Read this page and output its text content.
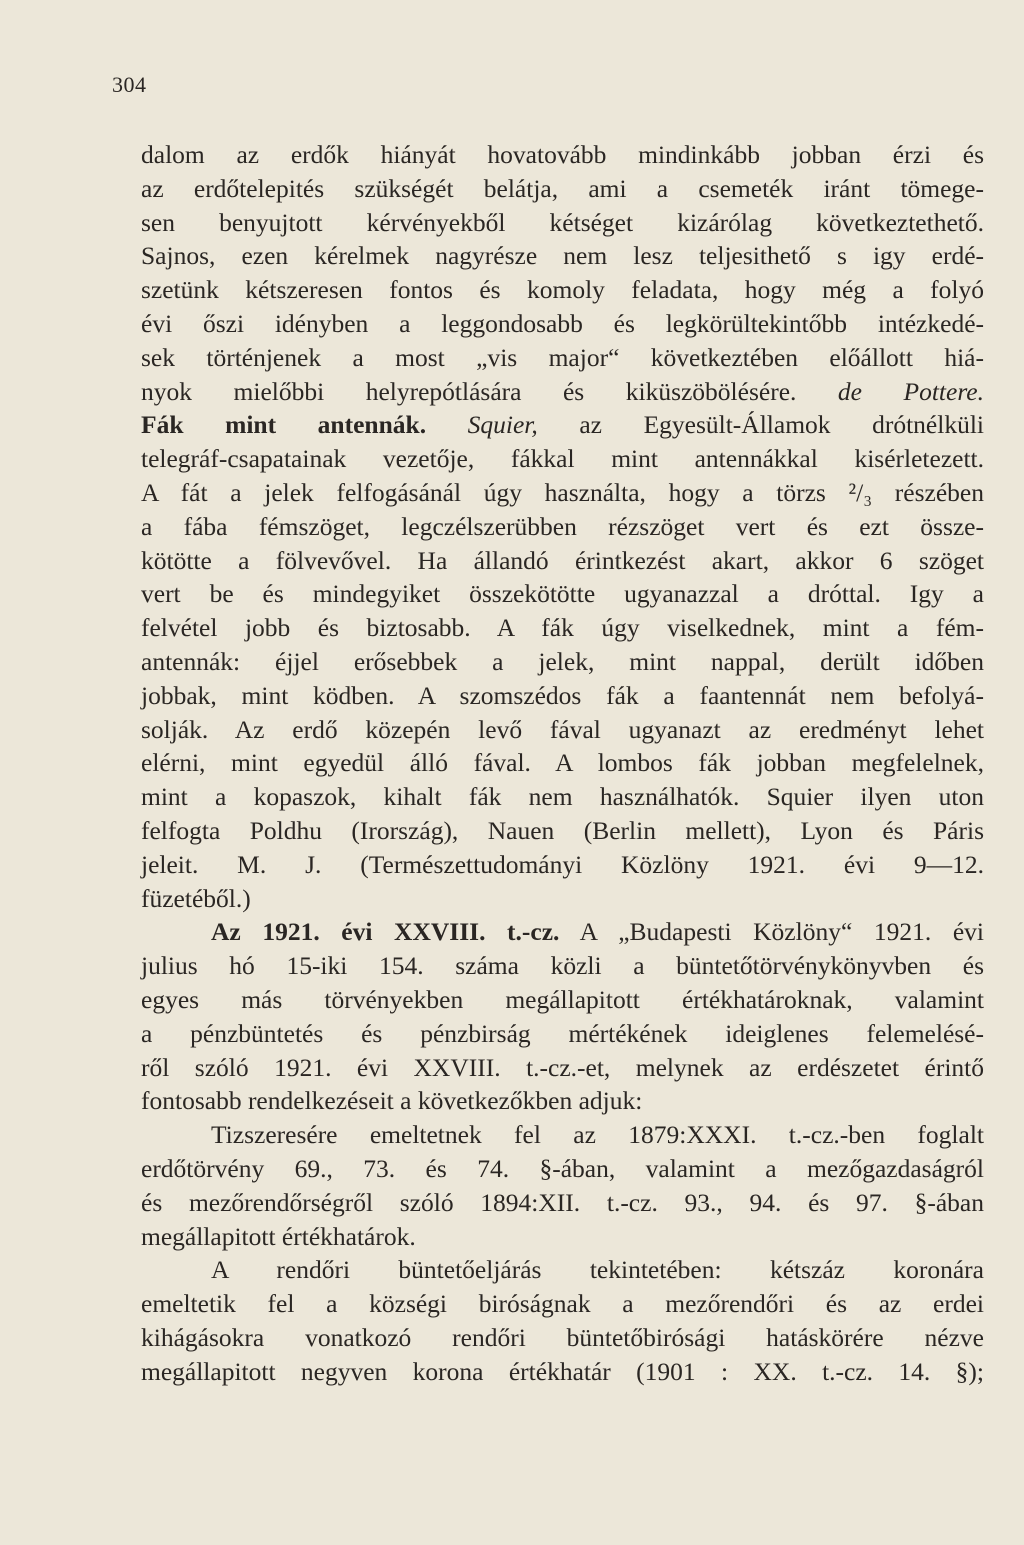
304
dalom az erdők hiányát hovatovább mindinkább jobban érzi és
az erdőtelepités szükségét belátja, ami a csemeték iránt tömege-
sen benyujtott kérvényekből kétséget kizárólag következtethető.
Sajnos, ezen kérelmek nagyrésze nem lesz teljesithető s igy erdé-
szetünk kétszeresen fontos és komoly feladata, hogy még a folyó
évi őszi idényben a leggondosabb és legkörültekintőbb intézkedé-
sek történjenek a most „vis major“ következtében előállott hiá-
nyok mielőbbi helyrepótlására és kiküszöbölésére. de Pottere.
Fák mint antennák. Squier, az Egyesült-Államok drótnélküli
telegráf-csapatainak vezetője, fákkal mint antennákkal kisérletezett.
A fát a jelek felfogásánál úgy használta, hogy a törzs ²/₃ részében
a fába fémszöget, legczélszerübben rézszöget vert és ezt össze-
kötötte a fölvevővel. Ha állandó érintkezést akart, akkor 6 szöget
vert be és mindegyiket összekötötte ugyanazzal a dróttal. Igy a
felvétel jobb és biztosabb. A fák úgy viselkednek, mint a fém-
antennák: éjjel erősebbek a jelek, mint nappal, derült időben
jobbak, mint ködben. A szomszédos fák a faantennát nem befolyá-
solják. Az erdő közepén levő fával ugyanazt az eredményt lehet
elérni, mint egyedül álló fával. A lombos fák jobban megfelelnek,
mint a kopaszok, kihalt fák nem használhatók. Squier ilyen uton
felfogta Poldhu (Irország), Nauen (Berlin mellett), Lyon és Páris
jeleit. M. J. (Természettudományi Közlöny 1921. évi 9—12.
füzetéből.)
Az 1921. évi XXVIII. t.-cz. A „Budapesti Közlöny“ 1921. évi
julius hó 15-iki 154. száma közli a büntetőtörvénykönyvben és
egyes más törvényekben megállapitott értékhatároknak, valamint
a pénzbüntetés és pénzbirság mértékének ideiglenes felemelésé-
ről szóló 1921. évi XXVIII. t.-cz.-et, melynek az erdészetet érintő
fontosabb rendelkezéseit a következőkben adjuk:
Tizszeresére emeltetnek fel az 1879:XXXI. t.-cz.-ben foglalt
erdőtörvény 69., 73. és 74. §-ában, valamint a mezőgazdaságról
és mezőrendőrségről szóló 1894:XII. t.-cz. 93., 94. és 97. §-ában
megállapitott értékhatárok.
A rendőri büntetőeljárás tekintetében: kétszáz koronára
emeltetik fel a községi biróságnak a mezőrendőri és az erdei
kihágásokra vonatkozó rendőri büntetőbirósági hatáskörére nézve
megállapitott negyven korona értékhatár (1901 : XX. t.-cz. 14. §);
